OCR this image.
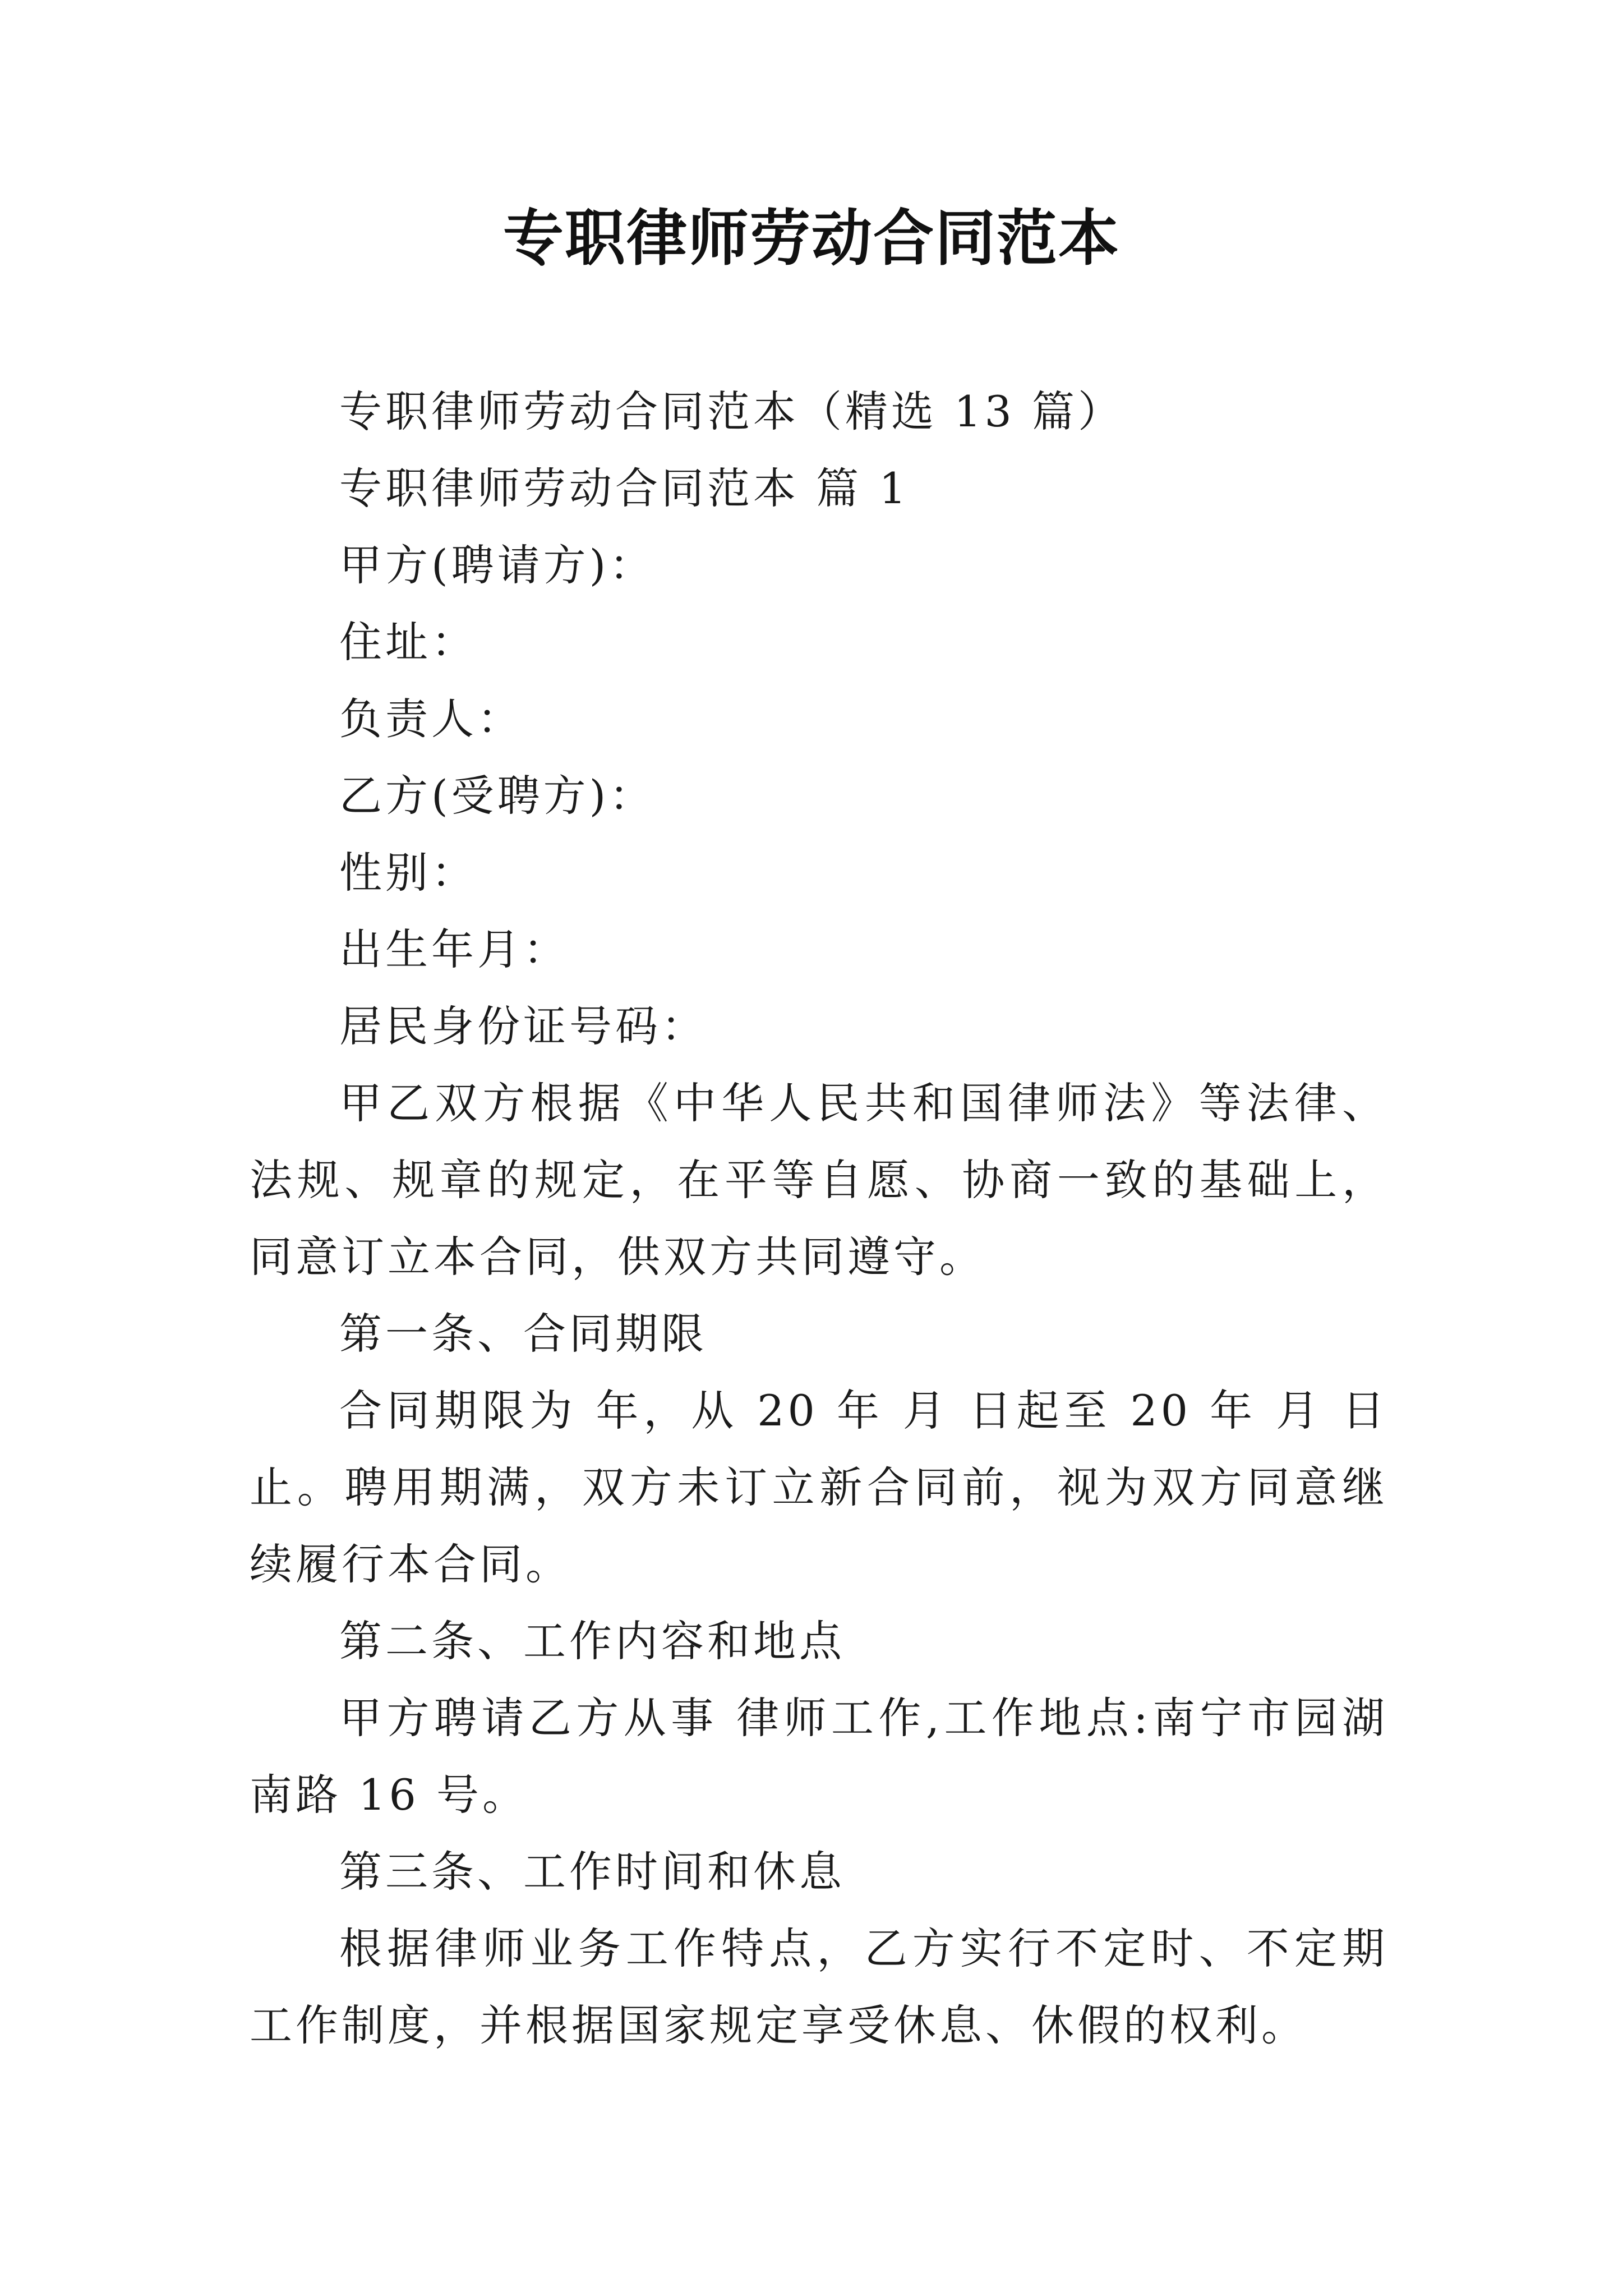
专职律师劳动合同范本

专职律师劳动合同范本（精选 13 篇）

专职律师劳动合同范本 篇 1

甲方(聘请方)：

住址：

负责人：

乙方(受聘方)：

性别：

出生年月：

居民身份证号码：

甲乙双方根据《中华人民共和国律师法》等法律、法规、规章的规定，在平等自愿、协商一致的基础上，同意订立本合同，供双方共同遵守。

第一条、合同期限

合同期限为 年，从 20 年 月 日起至 20 年 月 日止。聘用期满，双方未订立新合同前，视为双方同意继续履行本合同。

第二条、工作内容和地点

甲方聘请乙方从事 律师工作,工作地点:南宁市园湖南路 16 号。

第三条、工作时间和休息

根据律师业务工作特点，乙方实行不定时、不定期工作制度，并根据国家规定享受休息、休假的权利。
